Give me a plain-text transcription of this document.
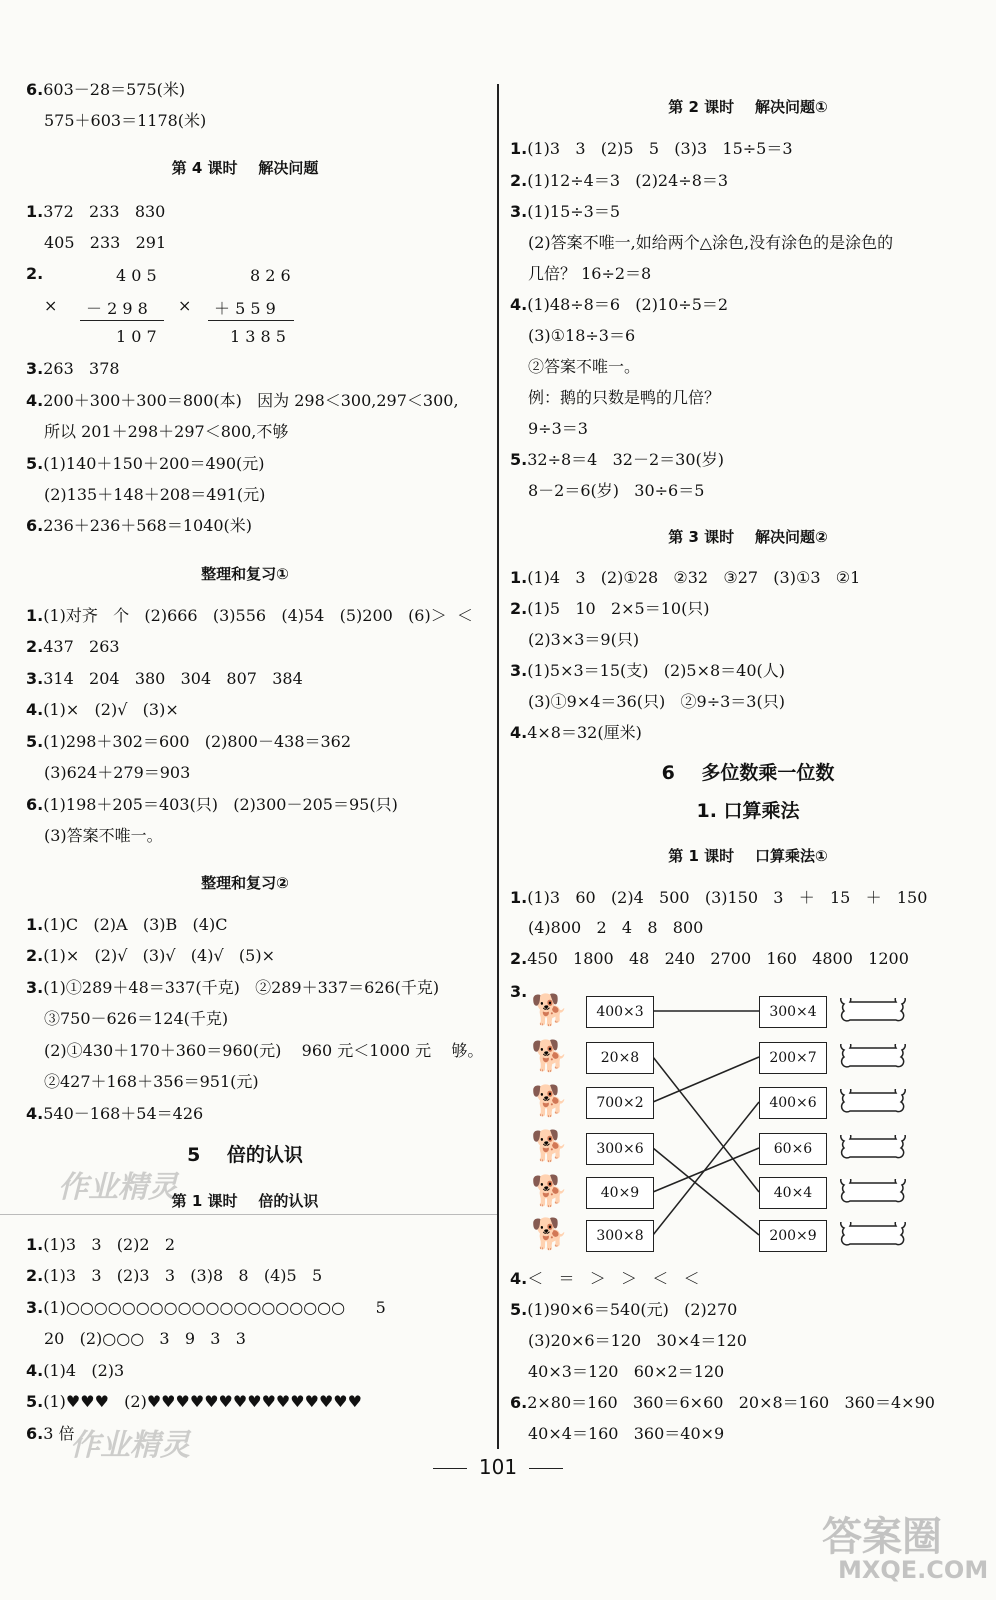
6.603－28＝575(米)
575＋603＝1178(米)
第 4 课时    解决问题
1.372   233   830
405   233   291
2.	4 0 5
× － 2 9 8
1 0 7
8 2 6
× ＋ 5 5 9
1 3 8 5
3.263   378
4.200＋300＋300＝800(本)   因为 298＜300,297＜300,
所以 201＋298＋297＜800,不够
5.(1)140＋150＋200＝490(元)
(2)135＋148＋208＝491(元)
6.236＋236＋568＝1040(米)
整理和复习①
1.(1)对齐   个   (2)666   (3)556   (4)54   (5)200   (6)＞  ＜
2.437   263
3.314   204   380   304   807   384
4.(1)×   (2)√   (3)×
5.(1)298＋302＝600   (2)800－438＝362
(3)624＋279＝903
6.(1)198＋205＝403(只)   (2)300－205＝95(只)
(3)答案不唯一。
整理和复习②
1.(1)C   (2)A   (3)B   (4)C
2.(1)×   (2)√   (3)√   (4)√   (5)×
3.(1)①289＋48＝337(千克)   ②289＋337＝626(千克)
③750－626＝124(千克)
(2)①430＋170＋360＝960(元)    960 元＜1000 元    够。
②427＋168＋356＝951(元)
4.540－168＋54＝426
5    倍的认识
作业精灵
第 1 课时    倍的认识
1.(1)3   3   (2)2   2
2.(1)3   3   (2)3   3   (3)8   8   (4)5   5
3.(1)○○○○○○○○○○○○○○○○○○○○      5
20   (2)○○○   3   9   3   3
4.(1)4   (2)3
5.(1)♥♥♥   (2)♥♥♥♥♥♥♥♥♥♥♥♥♥♥♥
6.3 倍
作业精灵
第 2 课时    解决问题①
1.(1)3   3   (2)5   5   (3)3   15÷5＝3
2.(1)12÷4＝3   (2)24÷8＝3
3.(1)15÷3＝5
(2)答案不唯一,如给两个△涂色,没有涂色的是涂色的
几倍？ 16÷2＝8
4.(1)48÷8＝6   (2)10÷5＝2
(3)①18÷3＝6
②答案不唯一。
例：鹅的只数是鸭的几倍？
9÷3＝3
5.32÷8＝4   32－2＝30(岁)
8－2＝6(岁)   30÷6＝5
第 3 课时    解决问题②
1.(1)4   3   (2)①28   ②32   ③27   (3)①3   ②1
2.(1)5   10   2×5＝10(只)
(2)3×3＝9(只)
3.(1)5×3＝15(支)   (2)5×8＝40(人)
(3)①9×4＝36(只)   ②9÷3＝3(只)
4.4×8＝32(厘米)
6    多位数乘一位数
1. 口算乘法
第 1 课时    口算乘法①
1.(1)3   60   (2)4   500   (3)150   3   ＋   15   ＋   150
(4)800   2   4   8   800
2.450   1800   48   240   2700   160   4800   1200
3.
🐕
🐕
🐕
🐕
🐕
🐕
400×3
20×8
700×2
300×6
40×9
300×8
300×4
200×7
400×6
60×6
40×4
200×9
4.＜   ＝   ＞   ＞   ＜   ＜
5.(1)90×6＝540(元)   (2)270
(3)20×6＝120   30×4＝120
40×3＝120   60×2＝120
6.2×80＝160   360＝6×60   20×8＝160   360＝4×90
40×4＝160   360＝40×9
101
答案圈
MXQE.COM
